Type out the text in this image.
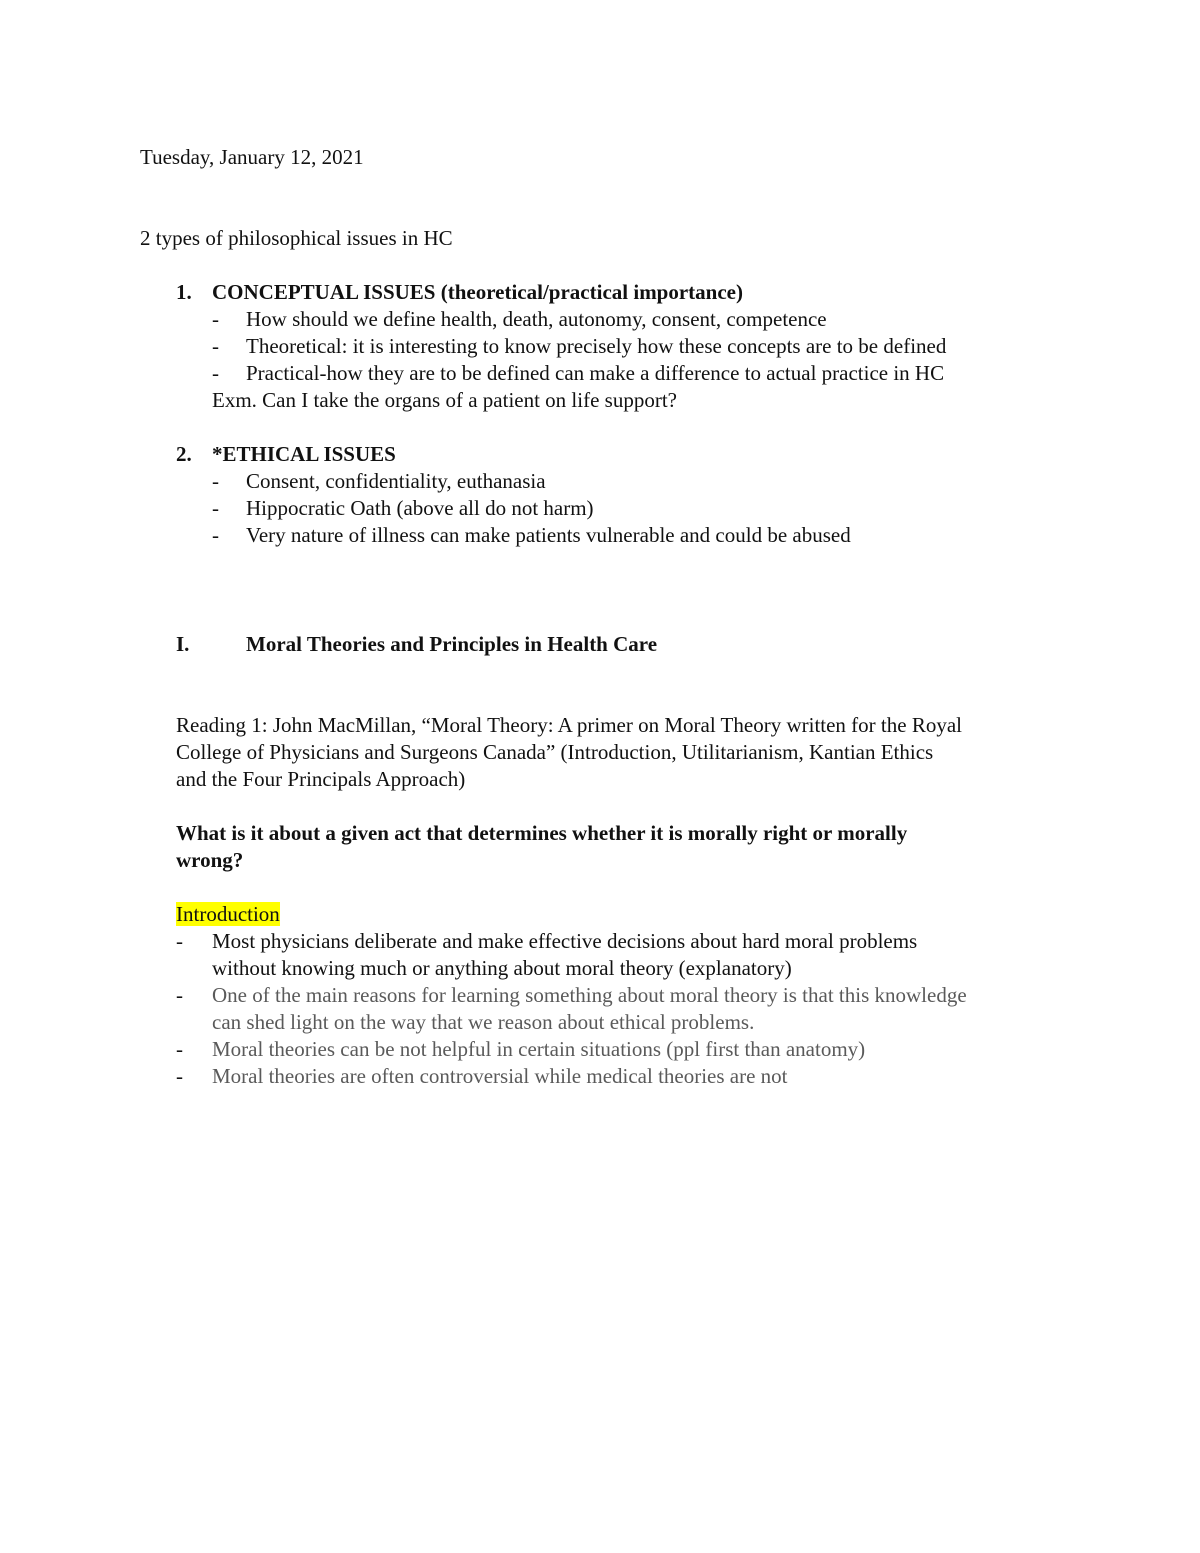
Tuesday, January 12, 2021
2 types of philosophical issues in HC
1. CONCEPTUAL ISSUES (theoretical/practical importance)
- How should we define health, death, autonomy, consent, competence
- Theoretical: it is interesting to know precisely how these concepts are to be defined
- Practical-how they are to be defined can make a difference to actual practice in HC
Exm. Can I take the organs of a patient on life support?
2. *ETHICAL ISSUES
- Consent, confidentiality, euthanasia
- Hippocratic Oath (above all do not harm)
- Very nature of illness can make patients vulnerable and could be abused
I.	Moral Theories and Principles in Health Care
Reading 1: John MacMillan, “Moral Theory: A primer on Moral Theory written for the Royal
College of Physicians and Surgeons Canada” (Introduction, Utilitarianism, Kantian Ethics
and the Four Principals Approach)
What is it about a given act that determines whether it is morally right or morally
wrong?
Introduction
- Most physicians deliberate and make effective decisions about hard moral problems
without knowing much or anything about moral theory (explanatory)
- One of the main reasons for learning something about moral theory is that this knowledge
can shed light on the way that we reason about ethical problems.
- Moral theories can be not helpful in certain situations (ppl first than anatomy)
- Moral theories are often controversial while medical theories are not
